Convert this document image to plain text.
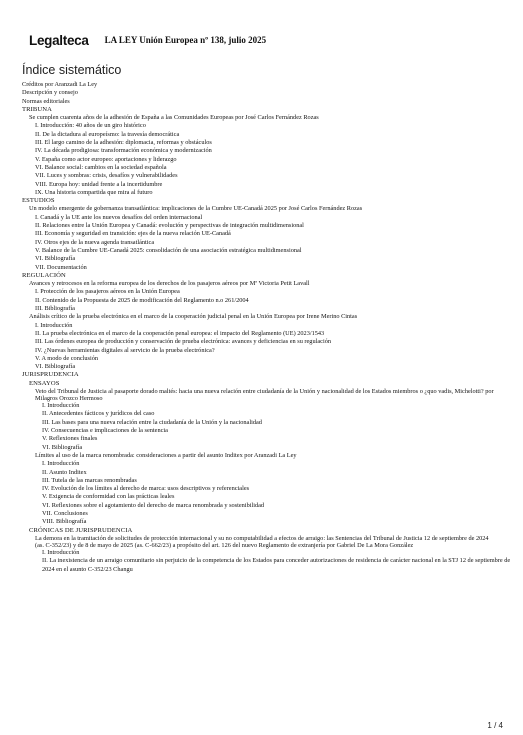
Legalteca LA LEY Unión Europea nº 138, julio 2025
Índice sistemático
Créditos por Aranzadi La Ley
Descripción y consejo
Normas editoriales
TRIBUNA
Se cumplen cuarenta años de la adhesión de España a las Comunidades Europeas por José Carlos Fernández Rozas
I. Introducción: 40 años de un giro histórico
II. De la dictadura al europeísmo: la travesía democrática
III. El largo camino de la adhesión: diplomacia, reformas y obstáculos
IV. La década prodigiosa: transformación económica y modernización
V. España como actor europeo: aportaciones y liderazgo
VI. Balance social: cambios en la sociedad española
VII. Luces y sombras: crisis, desafíos y vulnerabilidades
VIII. Europa hoy: unidad frente a la incertidumbre
IX. Una historia compartida que mira al futuro
ESTUDIOS
Un modelo emergente de gobernanza transatlántica: implicaciones de la Cumbre UE-Canadá 2025 por José Carlos Fernández Rozas
I. Canadá y la UE ante los nuevos desafíos del orden internacional
II. Relaciones entre la Unión Europea y Canadá: evolución y perspectivas de integración multidimensional
III. Economía y seguridad en transición: ejes de la nueva relación UE-Canadá
IV. Otros ejes de la nueva agenda transatlántica
V. Balance de la Cumbre UE-Canadá 2025: consolidación de una asociación estratégica multidimensional
VI. Bibliografía
VII. Documentación
REGULACIÓN
Avances y retrocesos en la reforma europea de los derechos de los pasajeros aéreos por Mª Victoria Petit Lavall
I. Protección de los pasajeros aéreos en la Unión Europea
II. Contenido de la Propuesta de 2025 de modificación del Reglamento n.o 261/2004
III. Bibliografía
Análisis crítico de la prueba electrónica en el marco de la cooperación judicial penal en la Unión Europea por Irene Merino Cintas
I. Introducción
II. La prueba electrónica en el marco de la cooperación penal europea: el impacto del Reglamento (UE) 2023/1543
III. Las órdenes europea de producción y conservación de prueba electrónica: avances y deficiencias en su regulación
IV. ¿Nuevas herramientas digitales al servicio de la prueba electrónica?
V. A modo de conclusión
VI. Bibliografía
JURISPRUDENCIA
ENSAYOS
Veto del Tribunal de Justicia al pasaporte dorado maltés: hacia una nueva relación entre ciudadanía de la Unión y nacionalidad de los Estados miembros o ¿quo vadis, Michelotti? por Milagros Orozco Hermoso
I. Introducción
II. Antecedentes fácticos y jurídicos del caso
III. Las bases para una nueva relación entre la ciudadanía de la Unión y la nacionalidad
IV. Consecuencias e implicaciones de la sentencia
V. Reflexiones finales
VI. Bibliografía
Límites al uso de la marca renombrada: consideraciones a partir del asunto Inditex por Aranzadi La Ley
I. Introducción
II. Asunto Inditex
III. Tutela de las marcas renombradas
IV. Evolución de los límites al derecho de marca: usos descriptivos y referenciales
V. Exigencia de conformidad con las prácticas leales
VI. Reflexiones sobre el agotamiento del derecho de marca renombrada y sostenibilidad
VII. Conclusiones
VIII. Bibliografía
CRÓNICAS DE JURISPRUDENCIA
La demora en la tramitación de solicitudes de protección internacional y su no computabilidad a efectos de arraigo: las Sentencias del Tribunal de Justicia 12 de septiembre de 2024 (as. C-352/23) y de 8 de mayo de 2025 (as. C-662/23) a propósito del art. 126 del nuevo Reglamento de extranjería por Gabriel De La Mora González
I. Introducción
II. La inexistencia de un arraigo comunitario sin perjuicio de la competencia de los Estados para conceder autorizaciones de residencia de carácter nacional en la STJ 12 de septiembre de 2024 en el asunto C-352/23 Changu
1 / 4
